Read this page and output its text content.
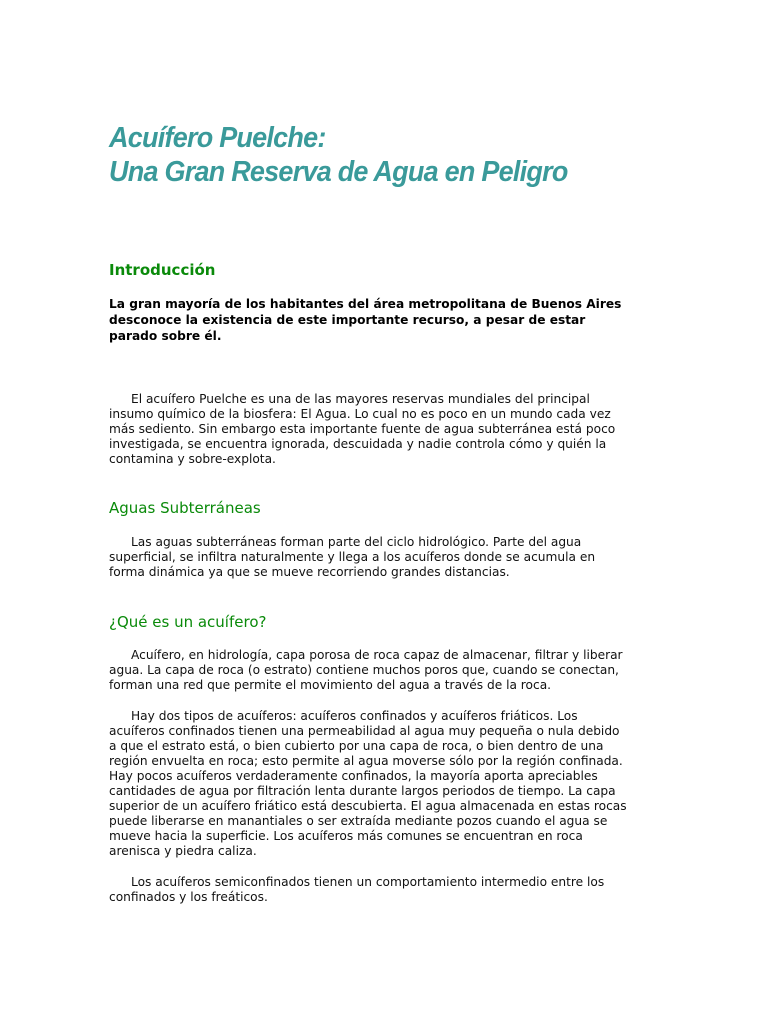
Acuífero Puelche:
Una Gran Reserva de Agua en Peligro
Introducción

La gran mayoría de los habitantes del área metropolitana de Buenos Aires
desconoce la existencia de este importante recurso, a pesar de estar
parado sobre él.

El acuífero Puelche es una de las mayores reservas mundiales del principal
insumo químico de la biosfera: El Agua. Lo cual no es poco en un mundo cada vez
más sediento. Sin embargo esta importante fuente de agua subterránea está poco
investigada, se encuentra ignorada, descuidada y nadie controla cómo y quién la
contamina y sobre-explota.

Aguas Subterráneas

Las aguas subterráneas forman parte del ciclo hidrológico. Parte del agua
superficial, se infiltra naturalmente y llega a los acuíferos donde se acumula en
forma dinámica ya que se mueve recorriendo grandes distancias.

¿Qué es un acuífero?

Acuífero, en hidrología, capa porosa de roca capaz de almacenar, filtrar y liberar
agua. La capa de roca (o estrato) contiene muchos poros que, cuando se conectan,
forman una red que permite el movimiento del agua a través de la roca.

Hay dos tipos de acuíferos: acuíferos confinados y acuíferos friáticos. Los
acuíferos confinados tienen una permeabilidad al agua muy pequeña o nula debido
a que el estrato está, o bien cubierto por una capa de roca, o bien dentro de una
región envuelta en roca; esto permite al agua moverse sólo por la región confinada.
Hay pocos acuíferos verdaderamente confinados, la mayoría aporta apreciables
cantidades de agua por filtración lenta durante largos periodos de tiempo. La capa
superior de un acuífero friático está descubierta. El agua almacenada en estas rocas
puede liberarse en manantiales o ser extraída mediante pozos cuando el agua se
mueve hacia la superficie. Los acuíferos más comunes se encuentran en roca
arenisca y piedra caliza.

Los acuíferos semiconfinados tienen un comportamiento intermedio entre los
confinados y los freáticos.
